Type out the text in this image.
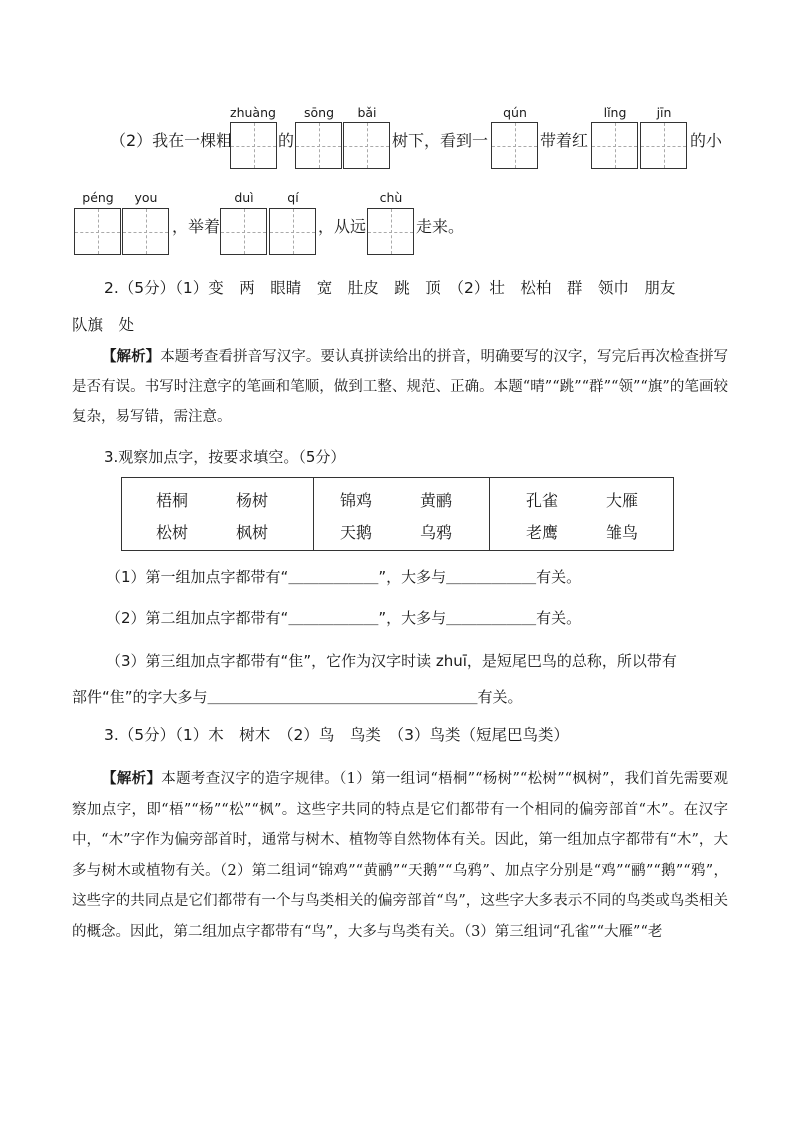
zhuàng sōng bǎi	qún	lǐng jīn
（2）我在一棵粗	的	树下，看到一	带着红	的小
péng you	duì	qí	chù
，举着	，从远	走来。
2.（5分）（1）变　两　眼睛　宽　肚皮　跳　顶　（2）壮　松柏　群　领巾　朋友
队旗　处
【解析】本题考查看拼音写汉字。要认真拼读给出的拼音，明确要写的汉字，写完后再次检查拼写是否有误。书写时注意字的笔画和笔顺，做到工整、规范、正确。本题“晴”“跳”“群”“领”“旗”的笔画较复杂，易写错，需注意。
3.观察加点字，按要求填空。（5分）
梧桐	杨树
松树	枫树
锦鸡	黄鹂
天鹅	乌鸦
孔雀	大雁
老鹰	雏鸟
（1）第一组加点字都带有“＿＿＿＿＿＿”，大多与＿＿＿＿＿＿有关。
（2）第二组加点字都带有“＿＿＿＿＿＿”，大多与＿＿＿＿＿＿有关。
（3）第三组加点字都带有“隹”，它作为汉字时读 zhuī，是短尾巴鸟的总称，所以带有
部件“隹”的字大多与＿＿＿＿＿＿＿＿＿＿＿＿＿＿＿＿＿＿有关。
3.（5分）（1）木　树木　（2）鸟　鸟类　（3）鸟类（短尾巴鸟类）
【解析】本题考查汉字的造字规律。（1）第一组词“梧桐”“杨树”“松树”“枫树”，我们首先需要观察加点字，即“梧”“杨”“松”“枫”。这些字共同的特点是它们都带有一个相同的偏旁部首“木”。在汉字中，“木”字作为偏旁部首时，通常与树木、植物等自然物体有关。因此，第一组加点字都带有“木”，大多与树木或植物有关。（2）第二组词“锦鸡”“黄鹂”“天鹅”“乌鸦”、加点字分别是“鸡”“鹂”“鹅”“鸦”，这些字的共同点是它们都带有一个与鸟类相关的偏旁部首“鸟”，这些字大多表示不同的鸟类或鸟类相关的概念。因此，第二组加点字都带有“鸟”，大多与鸟类有关。（3）第三组词“孔雀”“大雁”“老
